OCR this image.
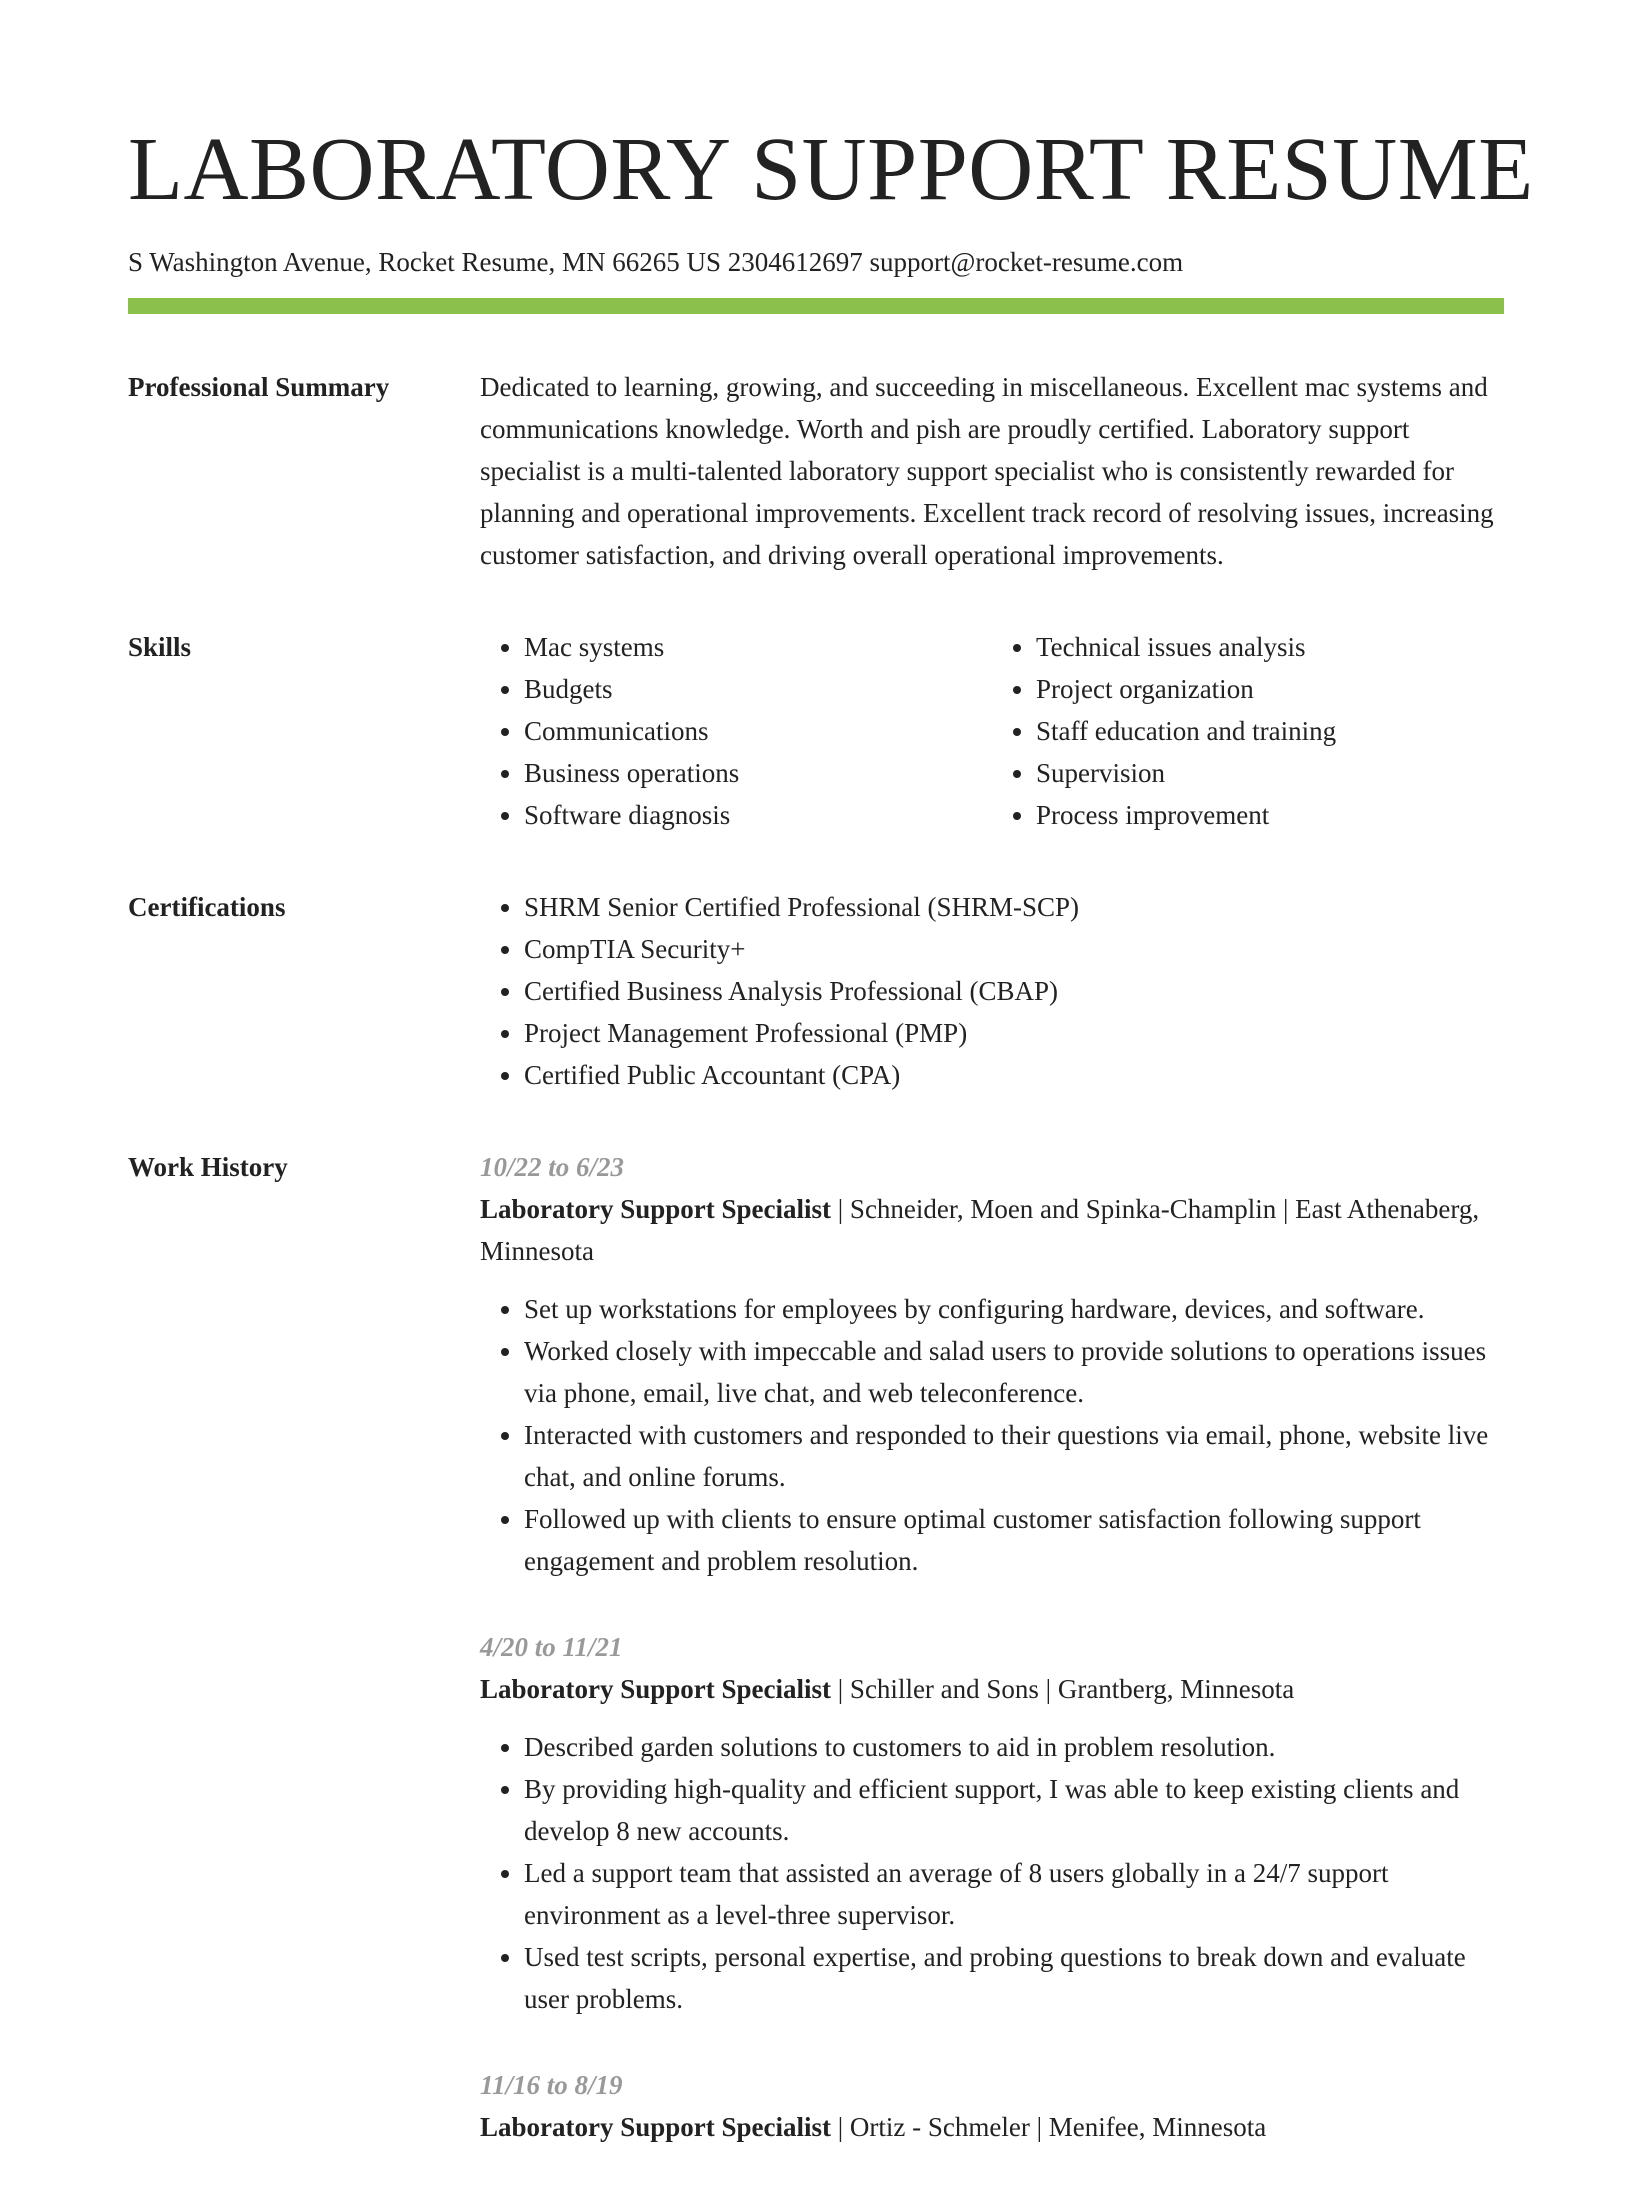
LABORATORY SUPPORT RESUME
S Washington Avenue, Rocket Resume, MN 66265 US 2304612697 support@rocket-resume.com
Professional Summary	Dedicated to learning, growing, and succeeding in miscellaneous. Excellent mac systems and communications knowledge. Worth and pish are proudly certified. Laboratory support specialist is a multi-talented laboratory support specialist who is consistently rewarded for planning and operational improvements. Excellent track record of resolving issues, increasing customer satisfaction, and driving overall operational improvements.

Skills	• Mac systems
• Budgets
• Communications
• Business operations
• Software diagnosis
• Technical issues analysis
• Project organization
• Staff education and training
• Supervision
• Process improvement
Certifications	• SHRM Senior Certified Professional (SHRM-SCP)
• CompTIA Security+
• Certified Business Analysis Professional (CBAP)
• Project Management Professional (PMP)
• Certified Public Accountant (CPA)
Work History	10/22 to 6/23
Laboratory Support Specialist | Schneider, Moen and Spinka-Champlin | East Athenaberg, Minnesota
• Set up workstations for employees by configuring hardware, devices, and software.
• Worked closely with impeccable and salad users to provide solutions to operations issues via phone, email, live chat, and web teleconference.
• Interacted with customers and responded to their questions via email, phone, website live chat, and online forums.
• Followed up with clients to ensure optimal customer satisfaction following support engagement and problem resolution.
4/20 to 11/21
Laboratory Support Specialist | Schiller and Sons | Grantberg, Minnesota
• Described garden solutions to customers to aid in problem resolution.
• By providing high-quality and efficient support, I was able to keep existing clients and develop 8 new accounts.
• Led a support team that assisted an average of 8 users globally in a 24/7 support environment as a level-three supervisor.
• Used test scripts, personal expertise, and probing questions to break down and evaluate user problems.
11/16 to 8/19
Laboratory Support Specialist | Ortiz - Schmeler | Menifee, Minnesota
